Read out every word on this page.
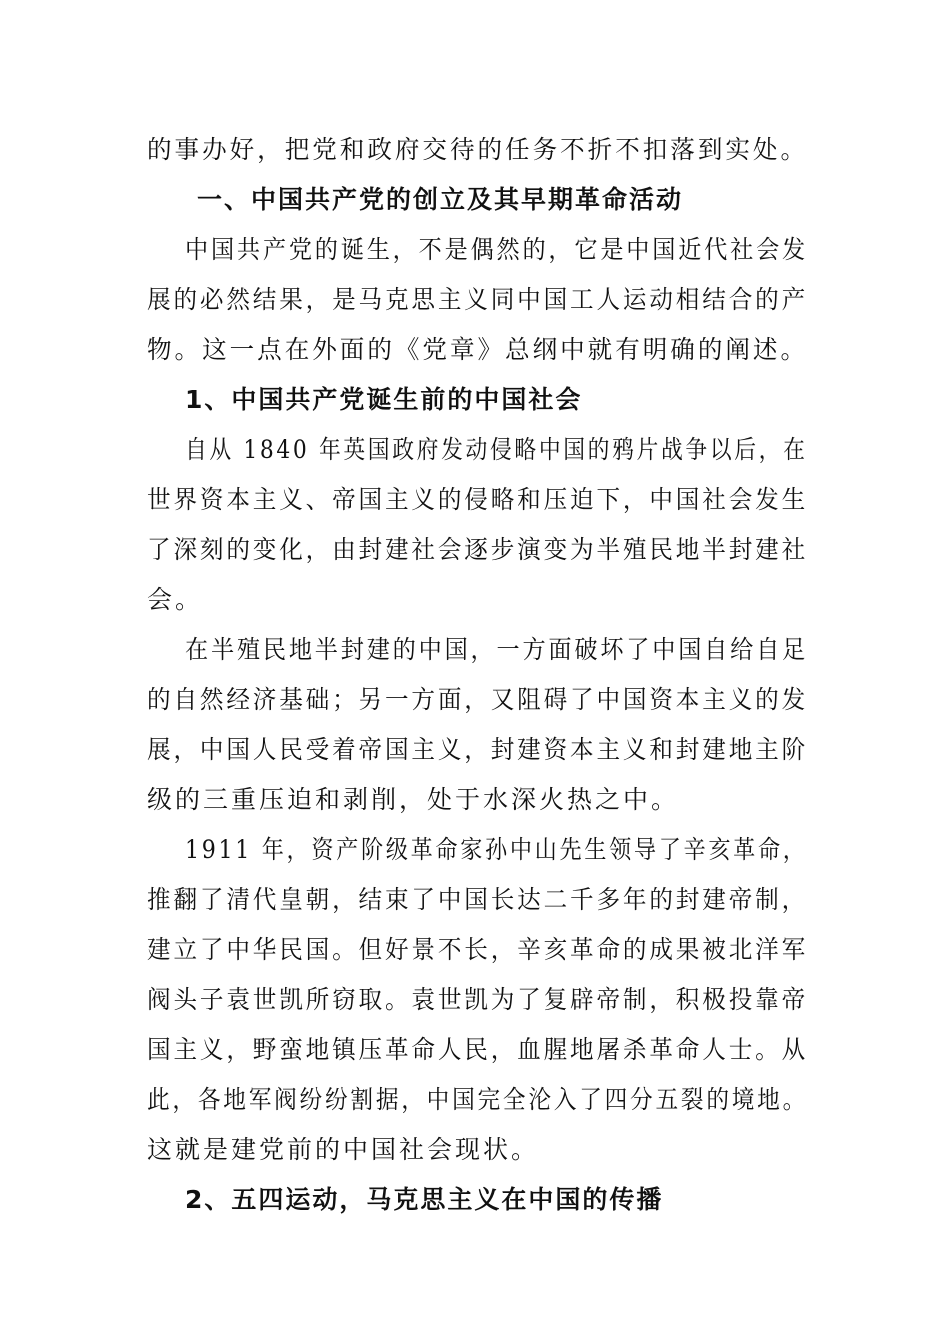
的事办好，把党和政府交待的任务不折不扣落到实处。

一、中国共产党的创立及其早期革命活动

中国共产党的诞生，不是偶然的，它是中国近代社会发

展的必然结果，是马克思主义同中国工人运动相结合的产

物。这一点在外面的《党章》总纲中就有明确的阐述。

1、中国共产党诞生前的中国社会

自从 1840 年英国政府发动侵略中国的鸦片战争以后，在

世界资本主义、帝国主义的侵略和压迫下，中国社会发生

了深刻的变化，由封建社会逐步演变为半殖民地半封建社

会。

在半殖民地半封建的中国，一方面破坏了中国自给自足

的自然经济基础；另一方面，又阻碍了中国资本主义的发

展，中国人民受着帝国主义，封建资本主义和封建地主阶

级的三重压迫和剥削，处于水深火热之中。

1911 年，资产阶级革命家孙中山先生领导了辛亥革命，

推翻了清代皇朝，结束了中国长达二千多年的封建帝制，

建立了中华民国。但好景不长，辛亥革命的成果被北洋军

阀头子袁世凯所窃取。袁世凯为了复辟帝制，积极投靠帝

国主义，野蛮地镇压革命人民，血腥地屠杀革命人士。从

此，各地军阀纷纷割据，中国完全沦入了四分五裂的境地。

这就是建党前的中国社会现状。

2、五四运动，马克思主义在中国的传播
